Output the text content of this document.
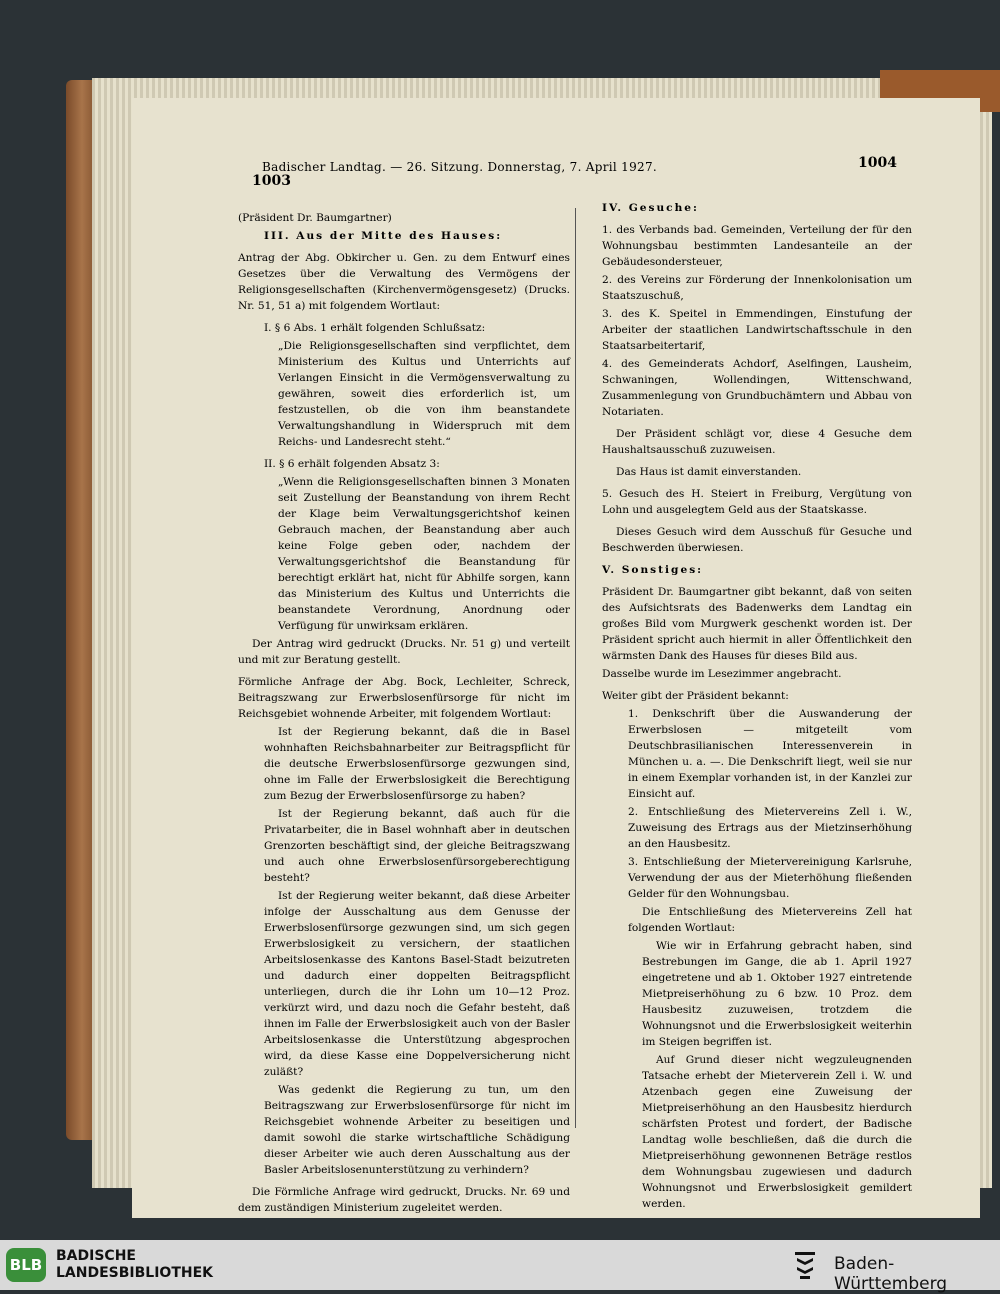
Badischer Landtag. — 26. Sitzung. Donnerstag, 7. April 1927.
1003
1004

(Präsident Dr. Baumgartner)

III. Aus der Mitte des Hauses:

Antrag der Abg. Obkircher u. Gen. zu dem Entwurf eines Gesetzes über die Verwaltung des Vermögens der Religionsgesellschaften (Kirchenvermögensgesetz) (Drucks. Nr. 51, 51 a) mit folgendem Wortlaut:

I. § 6 Abs. 1 erhält folgenden Schlußsatz:

„Die Religionsgesellschaften sind verpflichtet, dem Ministerium des Kultus und Unterrichts auf Verlangen Einsicht in die Vermögensverwaltung zu gewähren, soweit dies erforderlich ist, um festzustellen, ob die von ihm beanstandete Verwaltungshandlung in Widerspruch mit dem Reichs- und Landesrecht steht.“

II. § 6 erhält folgenden Absatz 3:

„Wenn die Religionsgesellschaften binnen 3 Monaten seit Zustellung der Beanstandung von ihrem Recht der Klage beim Verwaltungsgerichtshof keinen Gebrauch machen, der Beanstandung aber auch keine Folge geben oder, nachdem der Verwaltungsgerichtshof die Beanstandung für berechtigt erklärt hat, nicht für Abhilfe sorgen, kann das Ministerium des Kultus und Unterrichts die beanstandete Verordnung, Anordnung oder Verfügung für unwirksam erklären.

Der Antrag wird gedruckt (Drucks. Nr. 51 g) und verteilt und mit zur Beratung gestellt.

Förmliche Anfrage der Abg. Bock, Lechleiter, Schreck, Beitragszwang zur Erwerbslosenfürsorge für nicht im Reichsgebiet wohnende Arbeiter, mit folgendem Wortlaut:

Ist der Regierung bekannt, daß die in Basel wohnhaften Reichsbahnarbeiter zur Beitragspflicht für die deutsche Erwerbslosenfürsorge gezwungen sind, ohne im Falle der Erwerbslosigkeit die Berechtigung zum Bezug der Erwerbslosenfürsorge zu haben?

Ist der Regierung bekannt, daß auch für die Privatarbeiter, die in Basel wohnhaft aber in deutschen Grenzorten beschäftigt sind, der gleiche Beitragszwang und auch ohne Erwerbslosenfürsorgeberechtigung besteht?

Ist der Regierung weiter bekannt, daß diese Arbeiter infolge der Ausschaltung aus dem Genusse der Erwerbslosenfürsorge gezwungen sind, um sich gegen Erwerbslosigkeit zu versichern, der staatlichen Arbeitslosenkasse des Kantons Basel-Stadt beizutreten und dadurch einer doppelten Beitragspflicht unterliegen, durch die ihr Lohn um 10—12 Proz. verkürzt wird, und dazu noch die Gefahr besteht, daß ihnen im Falle der Erwerbslosigkeit auch von der Basler Arbeitslosenkasse die Unterstützung abgesprochen wird, da diese Kasse eine Doppelversicherung nicht zuläßt?

Was gedenkt die Regierung zu tun, um den Beitragszwang zur Erwerbslosenfürsorge für nicht im Reichsgebiet wohnende Arbeiter zu beseitigen und damit sowohl die starke wirtschaftliche Schädigung dieser Arbeiter wie auch deren Ausschaltung aus der Basler Arbeitslosenunterstützung zu verhindern?

Die Förmliche Anfrage wird gedruckt, Drucks. Nr. 69 und dem zuständigen Ministerium zugeleitet werden.

IV. Gesuche:

1. des Verbands bad. Gemeinden, Verteilung der für den Wohnungsbau bestimmten Landesanteile an der Gebäudesondersteuer,

2. des Vereins zur Förderung der Innenkolonisation um Staatszuschuß,

3. des K. Speitel in Emmendingen, Einstufung der Arbeiter der staatlichen Landwirtschaftsschule in den Staatsarbeitertarif,

4. des Gemeinderats Achdorf, Aselfingen, Lausheim, Schwaningen, Wollendingen, Wittenschwand, Zusammenlegung von Grundbuchämtern und Abbau von Notariaten.

Der Präsident schlägt vor, diese 4 Gesuche dem Haushaltsausschuß zuzuweisen.

Das Haus ist damit einverstanden.

5. Gesuch des H. Steiert in Freiburg, Vergütung von Lohn und ausgelegtem Geld aus der Staatskasse.

Dieses Gesuch wird dem Ausschuß für Gesuche und Beschwerden überwiesen.

V. Sonstiges:

Präsident Dr. Baumgartner gibt bekannt, daß von seiten des Aufsichtsrats des Badenwerks dem Landtag ein großes Bild vom Murgwerk geschenkt worden ist. Der Präsident spricht auch hiermit in aller Öffentlichkeit den wärmsten Dank des Hauses für dieses Bild aus.

Dasselbe wurde im Lesezimmer angebracht.

Weiter gibt der Präsident bekannt:

1. Denkschrift über die Auswanderung der Erwerbslosen — mitgeteilt vom Deutschbrasilianischen Interessenverein in München u. a. —. Die Denkschrift liegt, weil sie nur in einem Exemplar vorhanden ist, in der Kanzlei zur Einsicht auf.

2. Entschließung des Mietervereins Zell i. W., Zuweisung des Ertrags aus der Mietzinserhöhung an den Hausbesitz.

3. Entschließung der Mietervereinigung Karlsruhe, Verwendung der aus der Mieterhöhung fließenden Gelder für den Wohnungsbau.

Die Entschließung des Mietervereins Zell hat folgenden Wortlaut:

Wie wir in Erfahrung gebracht haben, sind Bestrebungen im Gange, die ab 1. April 1927 eingetretene und ab 1. Oktober 1927 eintretende Mietpreiserhöhung zu 6 bzw. 10 Proz. dem Hausbesitz zuzuweisen, trotzdem die Wohnungsnot und die Erwerbslosigkeit weiterhin im Steigen begriffen ist.

Auf Grund dieser nicht wegzuleugnenden Tatsache erhebt der Mieterverein Zell i. W. und Atzenbach gegen eine Zuweisung der Mietpreiserhöhung an den Hausbesitz hierdurch schärfsten Protest und fordert, der Badische Landtag wolle beschließen, daß die durch die Mietpreiserhöhung gewonnenen Beträge restlos dem Wohnungsbau zugewiesen und dadurch Wohnungsnot und Erwerbslosigkeit gemildert werden.

BLB BADISCHE
LANDESBIBLIOTHEK	Baden-Württemberg
